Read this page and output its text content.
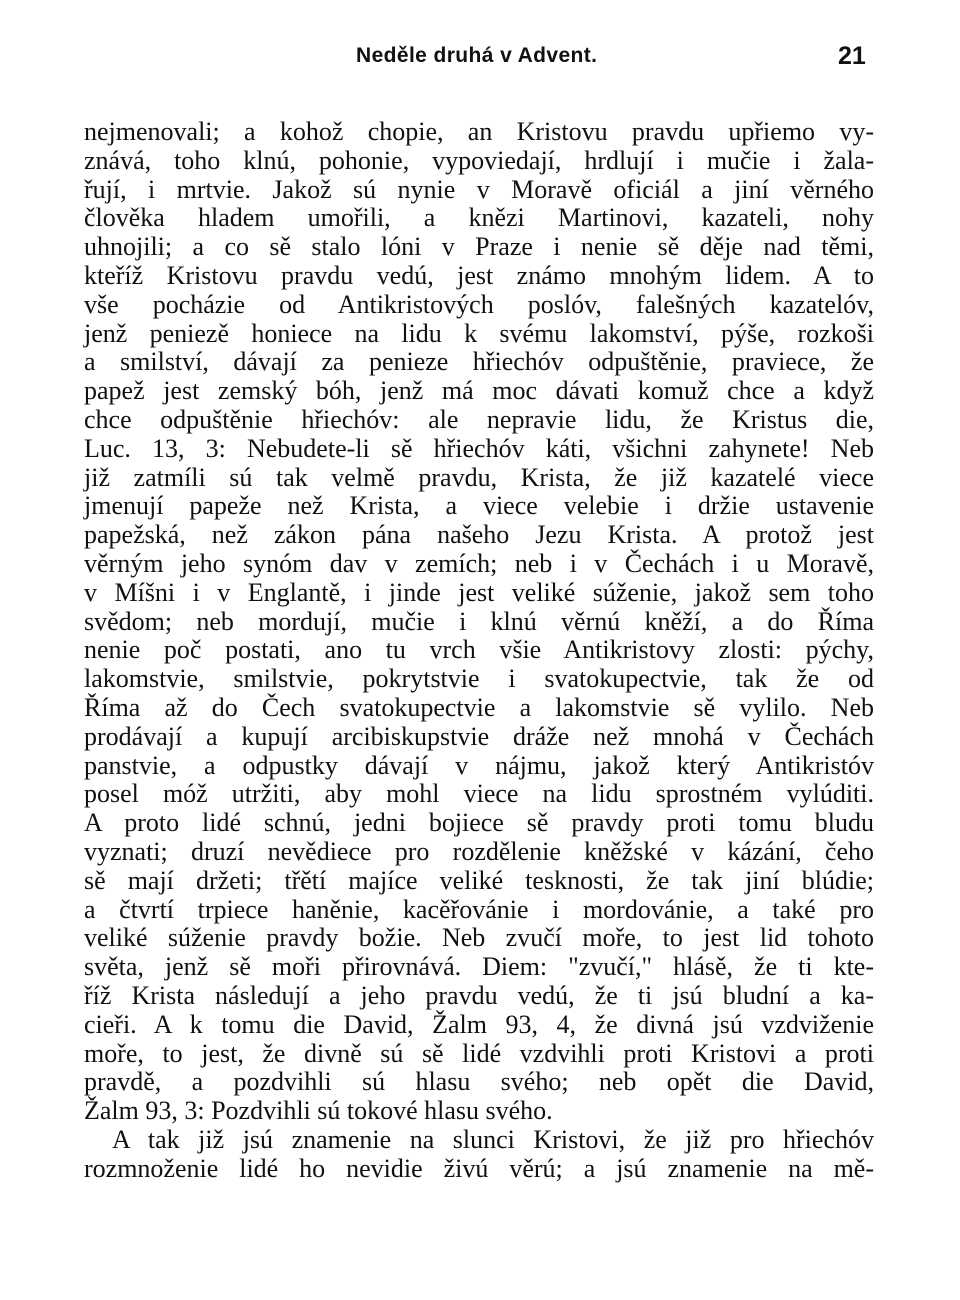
Neděle druhá v Advent.	21
nejmenovali; a kohož chopie, an Kristovu pravdu upřiemo vy-
znává, toho klnú, pohonie, vypoviedají, hrdlují i mučie i žala-
řují, i mrtvie. Jakož sú nynie v Moravě oficiál a jiní věrného
člověka hladem umořili, a knězi Martinovi, kazateli, nohy
uhnojili; a co sě stalo lóni v Praze i nenie sě děje nad těmi,
kteříž Kristovu pravdu vedú, jest známo mnohým lidem. A to
vše pocházie od Antikristových poslóv, falešných kazatelóv,
jenž peniezě honiece na lidu k svému lakomství, pýše, rozkoši
a smilství, dávají za penieze hřiechóv odpuštěnie, praviece, že
papež jest zemský bóh, jenž má moc dávati komuž chce a když
chce odpuštěnie hřiechóv: ale nepravie lidu, že Kristus die,
Luc. 13, 3: Nebudete-li sě hřiechóv káti, všichni zahynete! Neb
již zatmíli sú tak velmě pravdu, Krista, že již kazatelé viece
jmenují papeže než Krista, a viece velebie i držie ustavenie
papežská, než zákon pána našeho Jezu Krista. A protož jest
věrným jeho synóm dav v zemích; neb i v Čechách i u Moravě,
v Míšni i v Englantě, i jinde jest veliké súženie, jakož sem toho
svědom; neb mordují, mučie i klnú věrnú kněží, a do Říma
nenie poč postati, ano tu vrch všie Antikristovy zlosti: pýchy,
lakomstvie, smilstvie, pokrytstvie i svatokupectvie, tak že od
Říma až do Čech svatokupectvie a lakomstvie sě vylilo. Neb
prodávají a kupují arcibiskupstvie dráže než mnohá v Čechách
panstvie, a odpustky dávají v nájmu, jakož který Antikristóv
posel móž utržiti, aby mohl viece na lidu sprostném vylúditi.
A proto lidé schnú, jedni bojiece sě pravdy proti tomu bludu
vyznati; druzí nevědiece pro rozdělenie kněžské v kázání, čeho
sě mají držeti; třětí majíce veliké tesknosti, že tak jiní blúdie;
a čtvrtí trpiece haněnie, kacěřovánie i mordovánie, a také pro
veliké súženie pravdy božie. Neb zvučí moře, to jest lid tohoto
světa, jenž sě moři přirovnává. Diem: "zvučí," hlásě, že ti kte-
říž Krista následují a jeho pravdu vedú, že ti jsú bludní a ka-
cieři. A k tomu die David, Žalm 93, 4, že divná jsú vzdviženie
moře, to jest, že divně sú sě lidé vzdvihli proti Kristovi a proti
pravdě, a pozdvihli sú hlasu svého; neb opět die David,
Žalm 93, 3: Pozdvihli sú tokové hlasu svého.
A tak již jsú znamenie na slunci Kristovi, že již pro hřiechóv
rozmnoženie lidé ho nevidie živú věrú; a jsú znamenie na mě-
